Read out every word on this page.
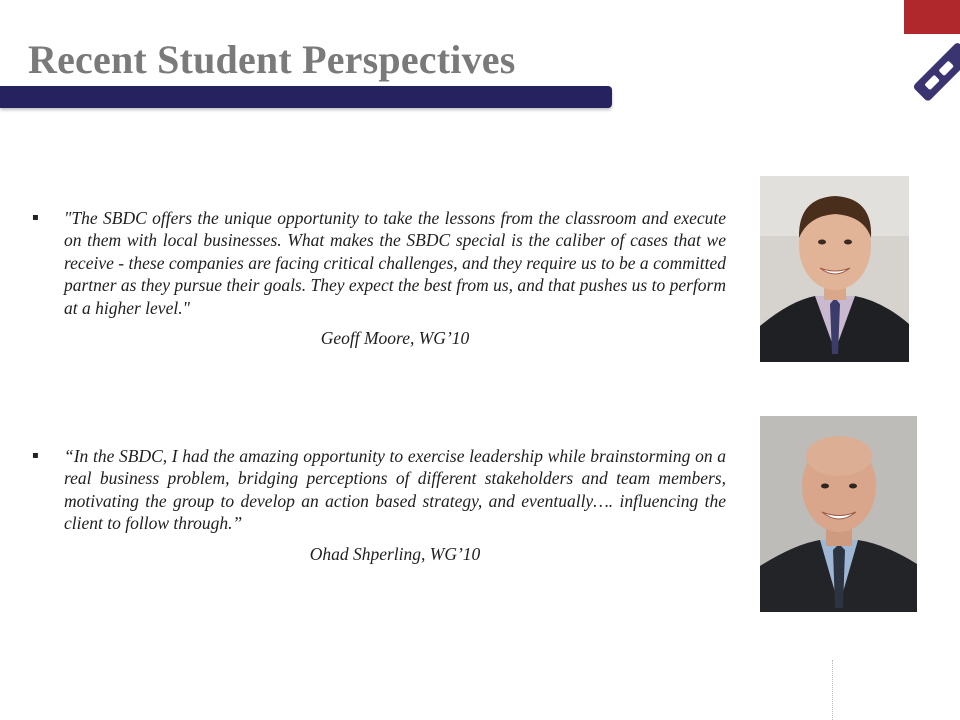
Recent Student Perspectives
▪	"The SBDC offers the unique opportunity to take the lessons from the classroom and execute on them with local businesses. What makes the SBDC special is the caliber of cases that we receive - these companies are facing critical challenges, and they require us to be a committed partner as they pursue their goals. They expect the best from us, and that pushes us to perform at a higher level."

Geoff Moore, WG’10
▪	“In the SBDC, I had the amazing opportunity to exercise leadership while brainstorming on a real business problem, bridging perceptions of different stakeholders and team members, motivating the group to develop an action based strategy, and eventually…. influencing the client to follow through.”

Ohad Shperling, WG’10
